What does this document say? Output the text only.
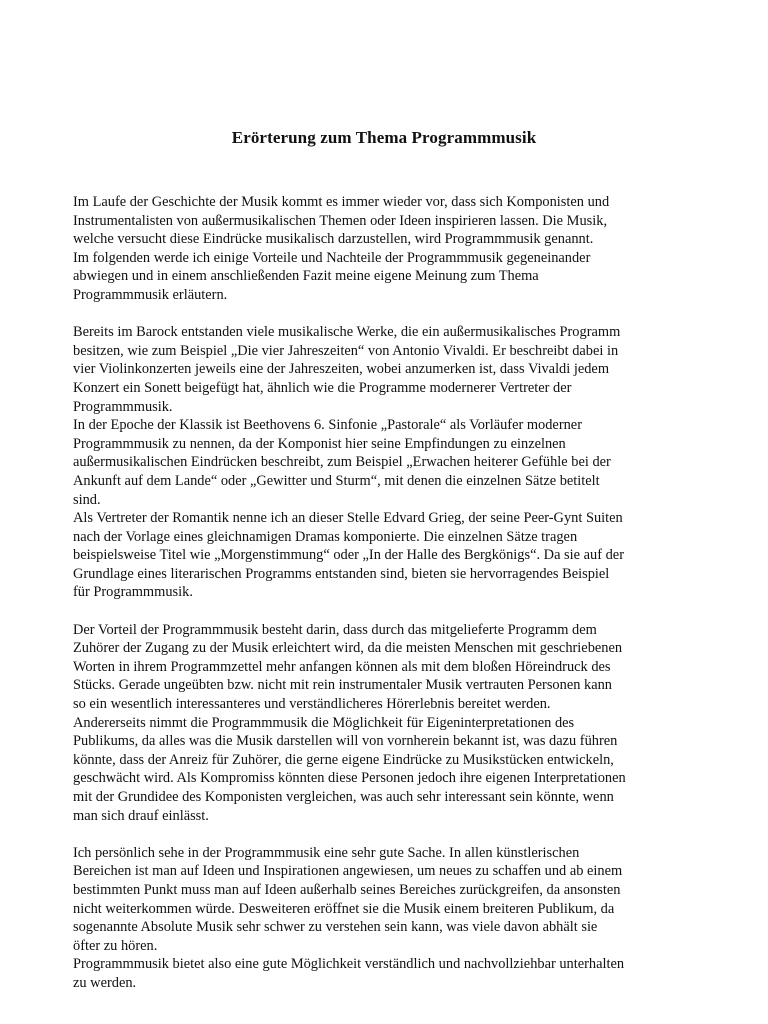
Erörterung zum Thema Programmmusik
Im Laufe der Geschichte der Musik kommt es immer wieder vor, dass sich Komponisten und
Instrumentalisten von außermusikalischen Themen oder Ideen inspirieren lassen. Die Musik,
welche versucht diese Eindrücke musikalisch darzustellen, wird Programmmusik genannt.
Im folgenden werde ich einige Vorteile und Nachteile der Programmmusik gegeneinander
abwiegen und in einem anschließenden Fazit meine eigene Meinung zum Thema
Programmmusik erläutern.
Bereits im Barock entstanden viele musikalische Werke, die ein außermusikalisches Programm
besitzen, wie zum Beispiel „Die vier Jahreszeiten“ von Antonio Vivaldi. Er beschreibt dabei in
vier Violinkonzerten jeweils eine der Jahreszeiten, wobei anzumerken ist, dass Vivaldi jedem
Konzert ein Sonett beigefügt hat, ähnlich wie die Programme modernerer Vertreter der
Programmmusik.
In der Epoche der Klassik ist Beethovens 6. Sinfonie „Pastorale“ als Vorläufer moderner
Programmmusik zu nennen, da der Komponist hier seine Empfindungen zu einzelnen
außermusikalischen Eindrücken beschreibt, zum Beispiel „Erwachen heiterer Gefühle bei der
Ankunft auf dem Lande“ oder „Gewitter und Sturm“, mit denen die einzelnen Sätze betitelt
sind.
Als Vertreter der Romantik nenne ich an dieser Stelle Edvard Grieg, der seine Peer-Gynt Suiten
nach der Vorlage eines gleichnamigen Dramas komponierte. Die einzelnen Sätze tragen
beispielsweise Titel wie „Morgenstimmung“ oder „In der Halle des Bergkönigs“. Da sie auf der
Grundlage eines literarischen Programms entstanden sind, bieten sie hervorragendes Beispiel
für Programmmusik.
Der Vorteil der Programmmusik besteht darin, dass durch das mitgelieferte Programm dem
Zuhörer der Zugang zu der Musik erleichtert wird, da die meisten Menschen mit geschriebenen
Worten in ihrem Programmzettel mehr anfangen können als mit dem bloßen Höreindruck des
Stücks. Gerade ungeübten bzw. nicht mit rein instrumentaler Musik vertrauten Personen kann
so ein wesentlich interessanteres und verständlicheres Hörerlebnis bereitet werden.
Andererseits nimmt die Programmmusik die Möglichkeit für Eigeninterpretationen des
Publikums, da alles was die Musik darstellen will von vornherein bekannt ist, was dazu führen
könnte, dass der Anreiz für Zuhörer, die gerne eigene Eindrücke zu Musikstücken entwickeln,
geschwächt wird. Als Kompromiss könnten diese Personen jedoch ihre eigenen Interpretationen
mit der Grundidee des Komponisten vergleichen, was auch sehr interessant sein könnte, wenn
man sich drauf einlässt.
Ich persönlich sehe in der Programmmusik eine sehr gute Sache. In allen künstlerischen
Bereichen ist man auf Ideen und Inspirationen angewiesen, um neues zu schaffen und ab einem
bestimmten Punkt muss man auf Ideen außerhalb seines Bereiches zurückgreifen, da ansonsten
nicht weiterkommen würde. Desweiteren eröffnet sie die Musik einem breiteren Publikum, da
sogenannte Absolute Musik sehr schwer zu verstehen sein kann, was viele davon abhält sie
öfter zu hören.
Programmmusik bietet also eine gute Möglichkeit verständlich und nachvollziehbar unterhalten
zu werden.
